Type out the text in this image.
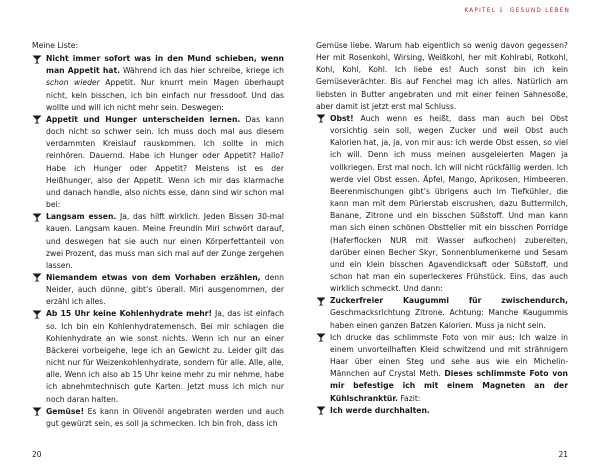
Meine Liste:

Nicht immer sofort was in den Mund schieben, wenn man Appetit hat. Während ich das hier schreibe, kriege ich schon wieder Appetit. Nur knurrt mein Magen überhaupt nicht, kein bisschen, ich bin einfach nur fressdoof. Und das wollte und will ich nicht mehr sein. Deswegen:

Appetit und Hunger unterscheiden lernen. Das kann doch nicht so schwer sein. Ich muss doch mal aus diesem verdammten Kreislauf rauskommen. Ich sollte in mich reinhören. Dauernd. Habe ich Hunger oder Appetit? Hallo? Habe ich Hunger oder Appetit? Meistens ist es der Heißhunger, also der Appetit. Wenn ich mir das klarmache und danach handle, also nichts esse, dann sind wir schon mal bei:

Langsam essen. Ja, das hilft wirklich. Jeden Bissen 30-mal kauen. Langsam kauen. Meine Freundin Miri schwört darauf, und deswegen hat sie auch nur einen Körperfettanteil von zwei Prozent, das muss man sich mal auf der Zunge zergehen lassen.

Niemandem etwas von dem Vorhaben erzählen, denn Neider, auch dünne, gibt’s überall. Miri ausgenommen, der erzähl ich alles.

Ab 15 Uhr keine Kohlenhydrate mehr! Ja, das ist einfach so. Ich bin ein Kohlenhydratemensch. Bei mir schlagen die Kohlenhydrate an wie sonst nichts. Wenn ich nur an einer Bäckerei vorbeigehe, lege ich an Gewicht zu. Leider gilt das nicht nur für Weizenkohlenhydrate, sondern für alle. Alle, alle, alle. Wenn ich also ab 15 Uhr keine mehr zu mir nehme, habe ich abnehmtechnisch gute Karten. Jetzt muss ich mich nur noch daran halten.

Gemüse! Es kann in Olivenöl angebraten werden und auch gut gewürzt sein, es soll ja schmecken. Ich bin froh, dass ich

20
KAPITEL 1 GESUND LEBEN

Gemüse liebe. Warum hab eigentlich so wenig davon gegessen? Her mit Rosenkohl, Wirsing, Weißkohl, her mit Kohlrabi, Rotkohl, Kohl, Kohl, Kohl. Ich liebe es! Auch sonst bin ich kein Gemüseverächter. Bis auf Fenchel mag ich alles. Natürlich am liebsten in Butter angebraten und mit einer feinen Sahnesoße, aber damit ist jetzt erst mal Schluss.

Obst! Auch wenn es heißt, dass man auch bei Obst vorsichtig sein soll, wegen Zucker und weil Obst auch Kalorien hat, ja, ja, von mir aus: ich werde Obst essen, so viel ich will. Denn ich muss meinen ausgeleierten Magen ja vollkriegen. Erst mal noch. Ich will nicht rückfällig werden. Ich werde viel Obst essen. Äpfel, Mango, Aprikosen, Himbeeren. Beerenmischungen gibt’s übrigens auch im Tiefkühler, die kann man mit dem Pürierstab eiscrushen, dazu Buttermilch, Banane, Zitrone und ein bisschen Süßstoff. Und man kann man sich einen schönen Obstteller mit ein bisschen Porridge (Haferflocken NUR mit Wasser aufkochen) zubereiten, darüber einen Becher Skyr, Sonnenblumenkerne und Sesam und ein klein bisschen Agavendicksaft oder Süßstoff, und schon hat man ein superleckeres Frühstück. Eins, das auch wirklich schmeckt. Und dann:

Zuckerfreier Kaugummi für zwischendurch, Geschmacksrichtung Zitrone. Achtung: Manche Kaugummis haben einen ganzen Batzen Kalorien. Muss ja nicht sein.

Ich drucke das schlimmste Foto von mir aus: Ich walze in einem unvorteilhaften Kleid schwitzend und mit strähnigem Haar über einen Steg und sehe aus wie ein Michelin-Männchen auf Crystal Meth. Dieses schlimmste Foto von mir befestige ich mit einem Magneten an der Kühlschranktür. Fazit:

Ich werde durchhalten.

21
